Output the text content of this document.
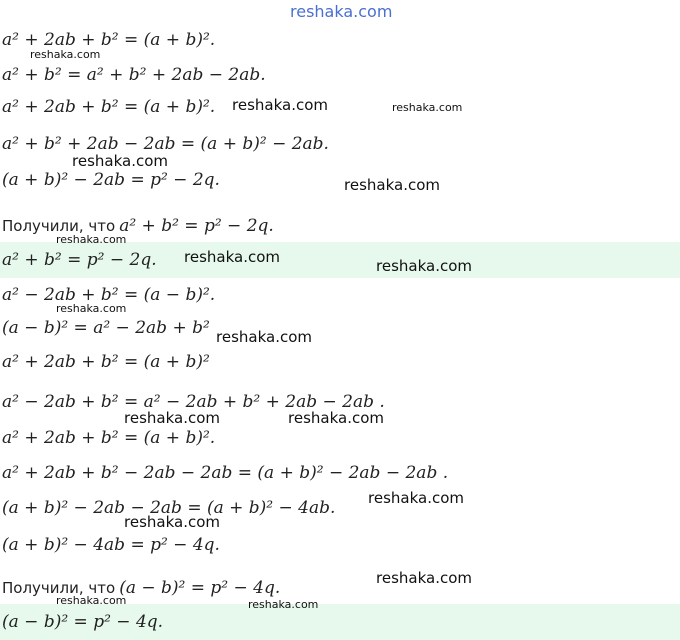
reshaka.com
a² + 2ab + b² = (a + b)².
a² + b² = a² + b² + 2ab − 2ab.
a² + 2ab + b² = (a + b)².
a² + b² + 2ab − 2ab = (a + b)² − 2ab.
(a + b)² − 2ab = p² − 2q.
Получили, что a² + b² = p² − 2q.
a² + b² = p² − 2q.
a² − 2ab + b² = (a − b)².
(a − b)² = a² − 2ab + b²
a² + 2ab + b² = (a + b)²
a² − 2ab + b² = a² − 2ab + b² + 2ab − 2ab .
a² + 2ab + b² = (a + b)².
a² + 2ab + b² − 2ab − 2ab = (a + b)² − 2ab − 2ab .
(a + b)² − 2ab − 2ab = (a + b)² − 4ab.
(a + b)² − 4ab = p² − 4q.
Получили, что (a − b)² = p² − 4q.
(a − b)² = p² − 4q.
reshaka.com
reshaka.com	reshaka.com
reshaka.com
reshaka.com
reshaka.com
reshaka.com	reshaka.com
reshaka.com
reshaka.com
reshaka.com	reshaka.com
reshaka.com
reshaka.com
reshaka.com
reshaka.com	reshaka.com
